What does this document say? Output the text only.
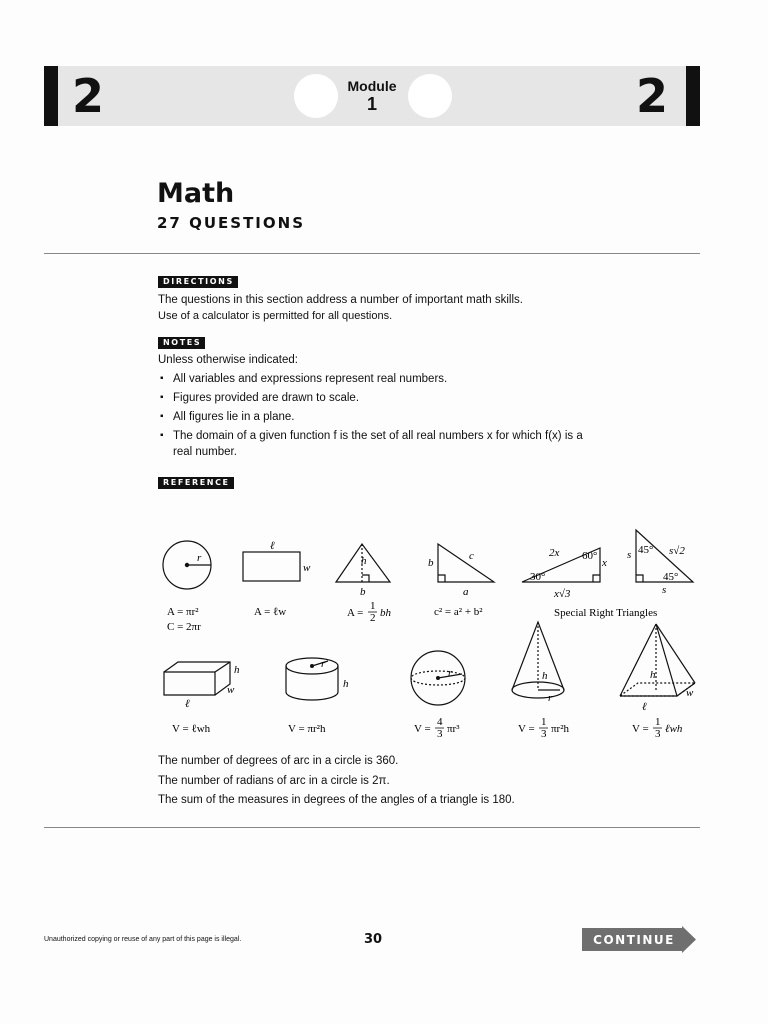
2	2
Module
1
Math
27 QUESTIONS
DIRECTIONS
The questions in this section address a number of important math skills.
Use of a calculator is permitted for all questions.
NOTES
Unless otherwise indicated:
▪ All variables and expressions represent real numbers.
▪ Figures provided are drawn to scale.
▪ All figures lie in a plane.
▪ The domain of a given function f is the set of all real numbers x for which f(x) is a real number.
REFERENCE
r
ℓ
w
h
b
b
c
a
2x 60°
x
30°
x√3
45° s√2
s
45°
s
A = πr²
C = 2πr
A = ℓw	A =
1
2 bh	c² = a² + b²	Special Right Triangles
h
w
ℓ
r
h
r	h
r
h
w
ℓ
V = ℓwh	V = πr²h	V =
4
3 πr³	V =
1
3 πr²h	V =
1
3 ℓwh
The number of degrees of arc in a circle is 360.
The number of radians of arc in a circle is 2π.
The sum of the measures in degrees of the angles of a triangle is 180.
Unauthorized copying or reuse of any part of this page is illegal.	30	CONTINUE
